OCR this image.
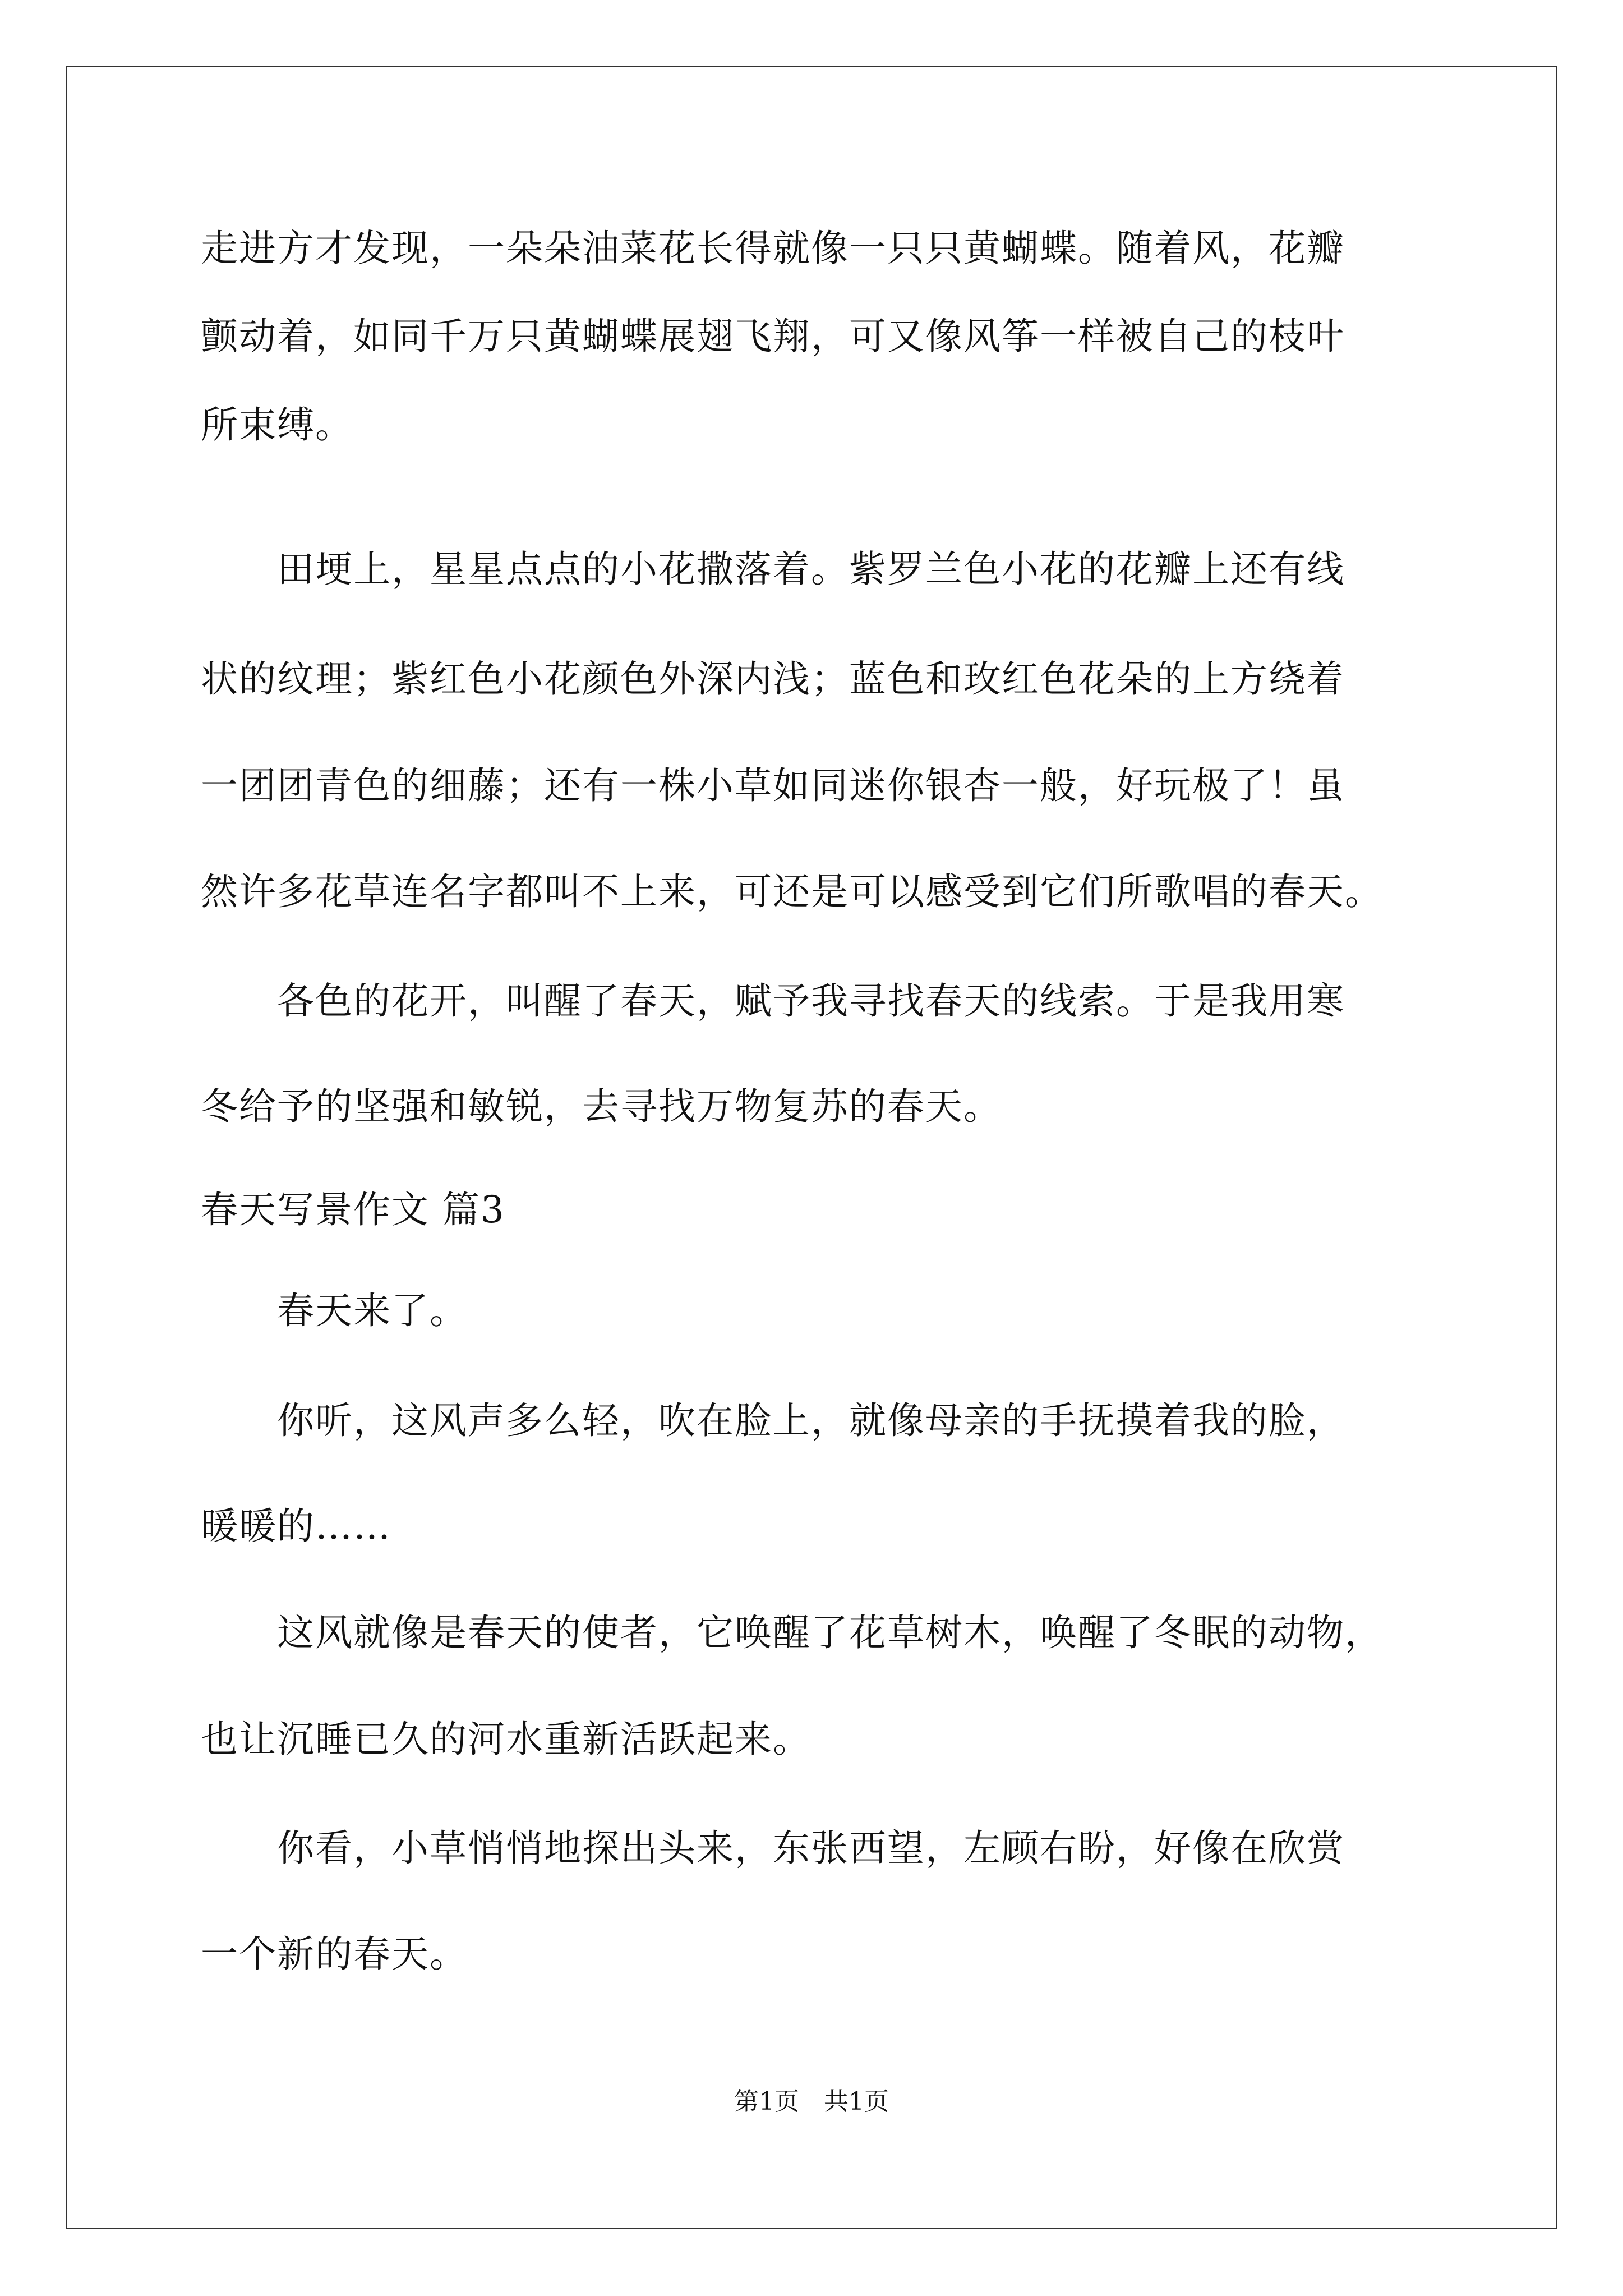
走进方才发现，一朵朵油菜花长得就像一只只黄蝴蝶。随着风，花瓣
颤动着，如同千万只黄蝴蝶展翅飞翔，可又像风筝一样被自己的枝叶
所束缚。
　　田埂上，星星点点的小花撒落着。紫罗兰色小花的花瓣上还有线
状的纹理；紫红色小花颜色外深内浅；蓝色和玫红色花朵的上方绕着
一团团青色的细藤；还有一株小草如同迷你银杏一般，好玩极了！虽
然许多花草连名字都叫不上来，可还是可以感受到它们所歌唱的春天。
　　各色的花开，叫醒了春天，赋予我寻找春天的线索。于是我用寒
冬给予的坚强和敏锐，去寻找万物复苏的春天。
春天写景作文 篇3
　　春天来了。
　　你听，这风声多么轻，吹在脸上，就像母亲的手抚摸着我的脸，
暖暖的……
　　这风就像是春天的使者，它唤醒了花草树木，唤醒了冬眠的动物，
也让沉睡已久的河水重新活跃起来。
　　你看，小草悄悄地探出头来，东张西望，左顾右盼，好像在欣赏
一个新的春天。
第1页　共1页
